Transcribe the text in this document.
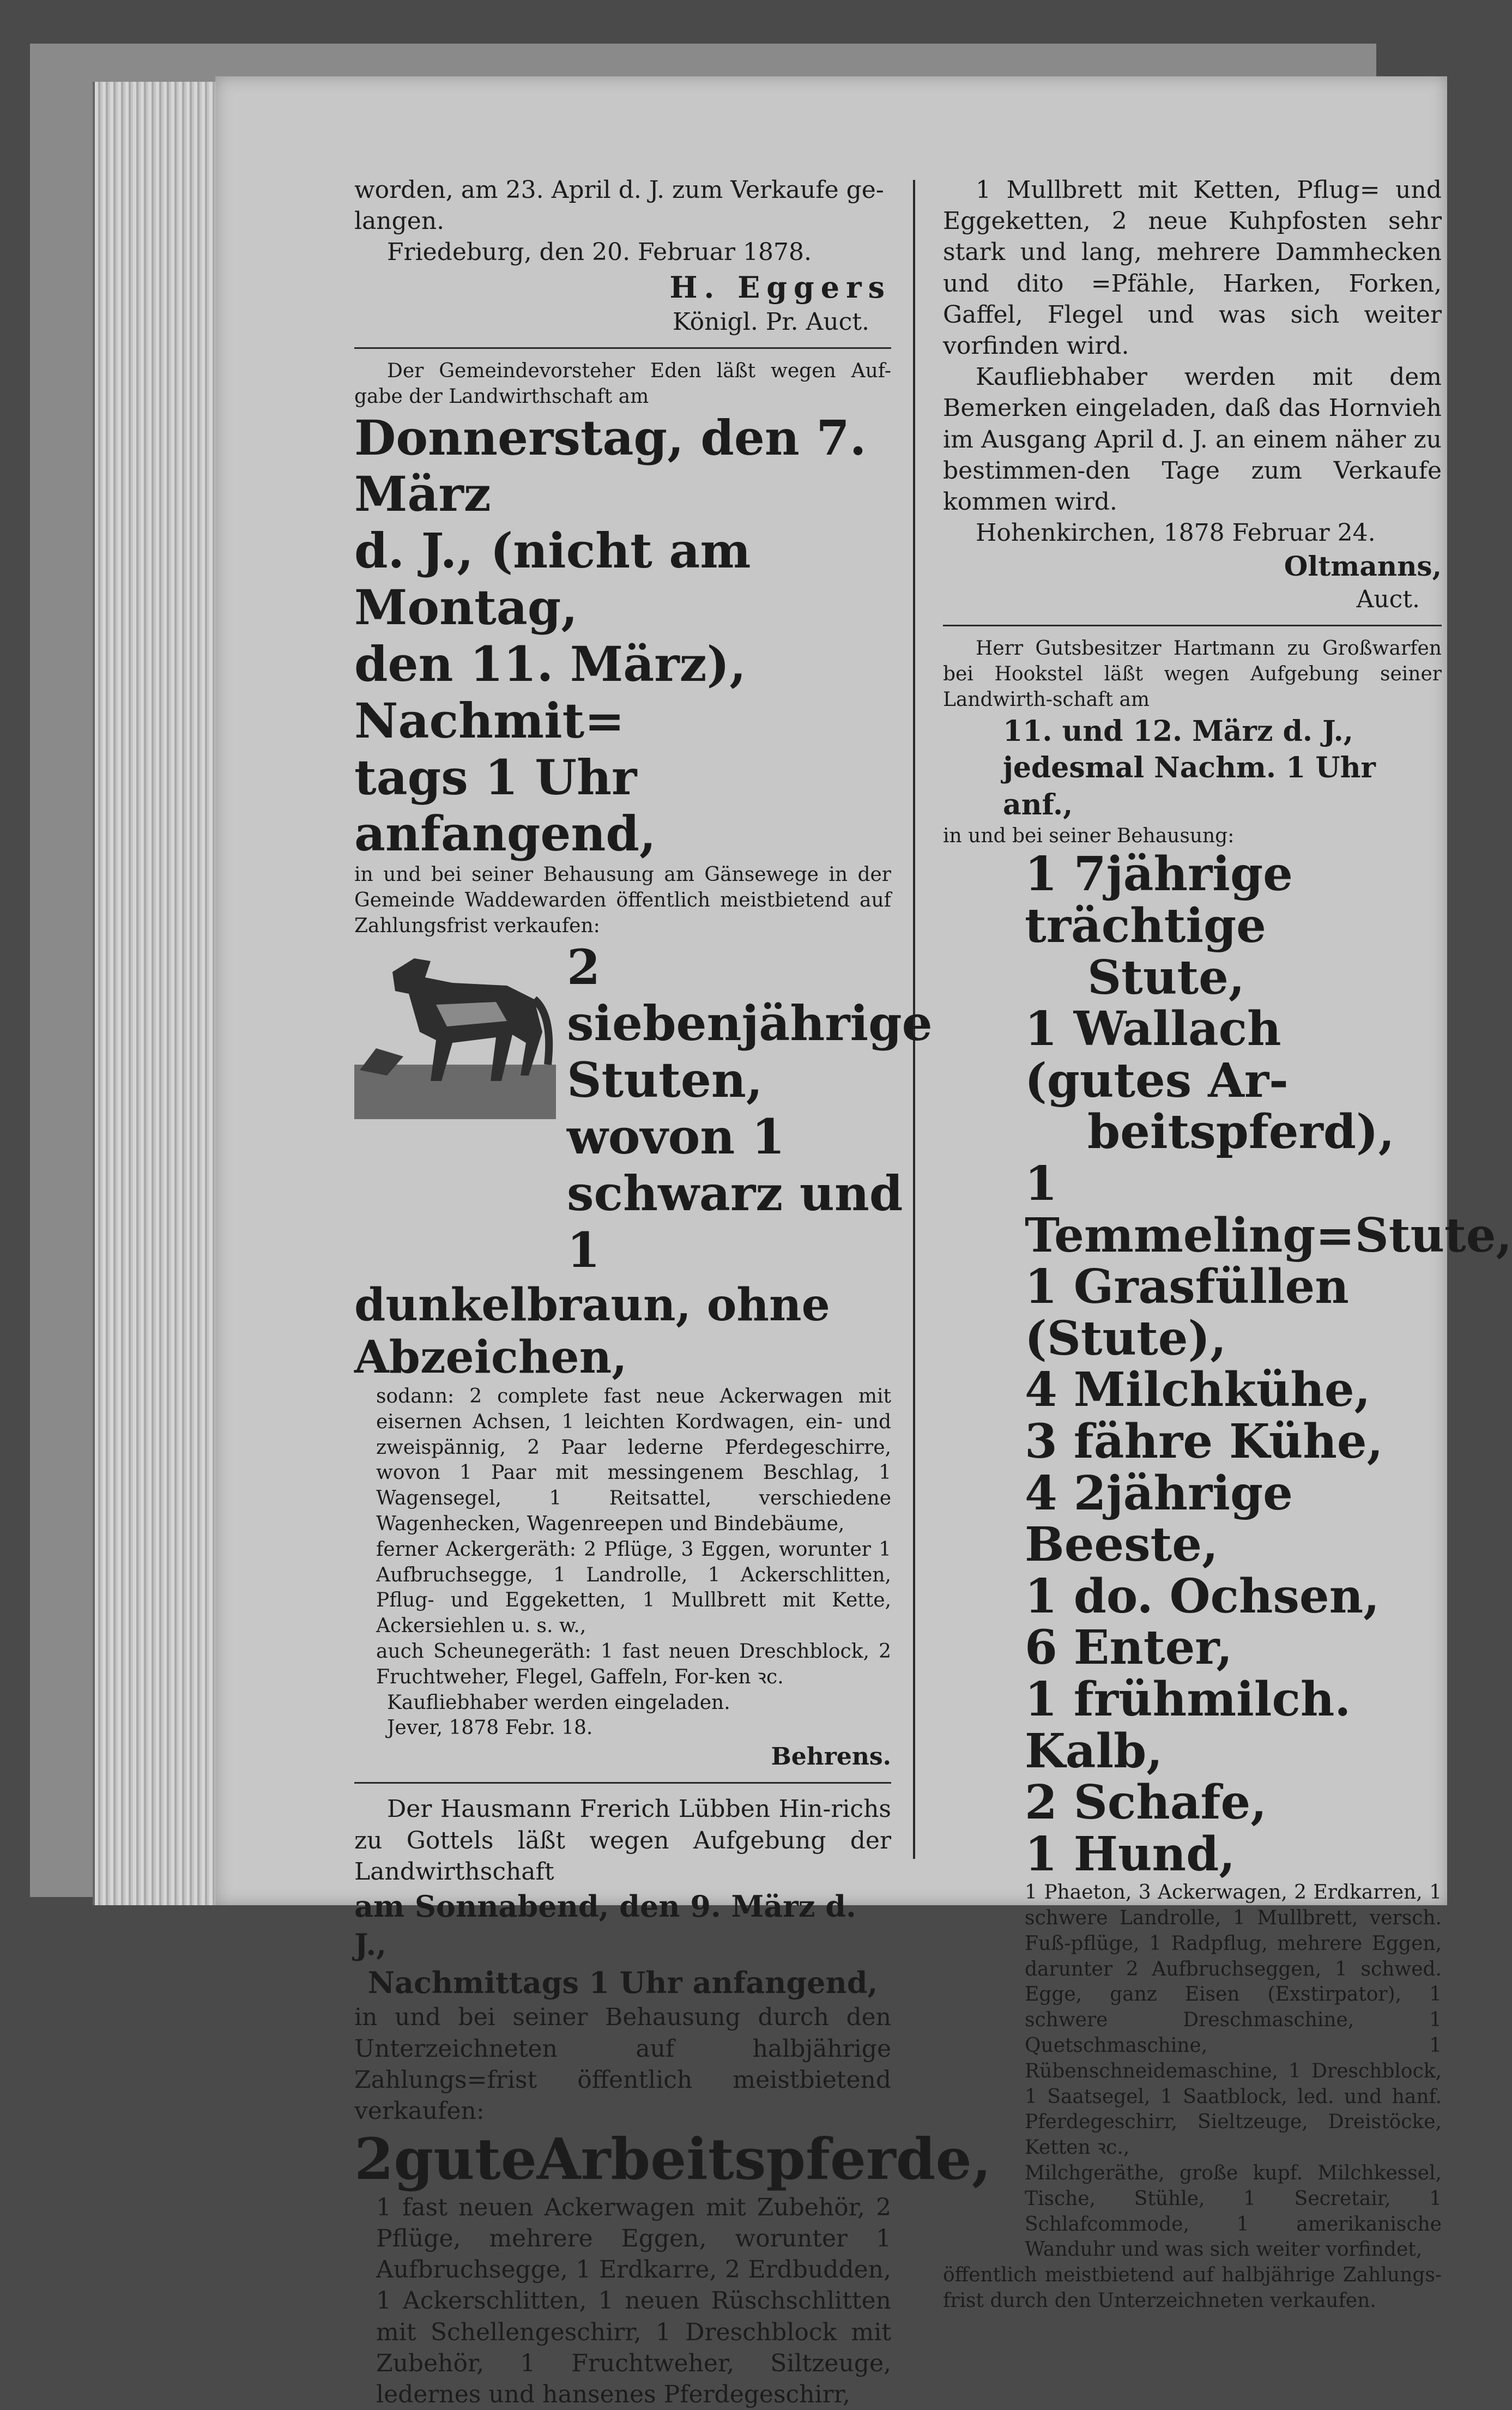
worden, am 23. April d. J. zum Verkaufe ge-

langen.

Friedeburg, den 20. Februar 1878.

H. Eggers

Königl. Pr. Auct.

Der Gemeindevorsteher Eden läßt wegen Auf-gabe der Landwirthschaft am

Donnerstag, den 7. März

d. J., (nicht am Montag,

den 11. März), Nachmit=

tags 1 Uhr anfangend,

in und bei seiner Behausung am Gänsewege in der Gemeinde Waddewarden öffentlich meistbietend auf Zahlungsfrist verkaufen:

2 siebenjährige

Stuten, wovon 1

schwarz und 1

dunkelbraun, ohne Abzeichen,

sodann: 2 complete fast neue Ackerwagen mit eisernen Achsen, 1 leichten Kordwagen, ein- und zweispännig, 2 Paar lederne Pferdegeschirre, wovon 1 Paar mit messingenem Beschlag, 1 Wagensegel, 1 Reitsattel, verschiedene Wagenhecken, Wagenreepen und Bindebäume,

ferner Ackergeräth: 2 Pflüge, 3 Eggen, worunter 1 Aufbruchsegge, 1 Landrolle, 1 Ackerschlitten, Pflug- und Eggeketten, 1 Mullbrett mit Kette, Ackersiehlen u. s. w.,

auch Scheunegeräth: 1 fast neuen Dreschblock, 2 Fruchtweher, Flegel, Gaffeln, For-ken ꝛc.

Kaufliebhaber werden eingeladen.

Jever, 1878 Febr. 18.

Behrens.

Der Hausmann Frerich Lübben Hin-richs zu Gottels läßt wegen Aufgebung der Landwirthschaft

am Sonnabend, den 9. März d. J.,

Nachmittags 1 Uhr anfangend,

in und bei seiner Behausung durch den Unterzeichneten auf halbjährige Zahlungs=frist öffentlich meistbietend verkaufen:

2guteArbeitspferde,

1 fast neuen Ackerwagen mit Zubehör, 2 Pflüge, mehrere Eggen, worunter 1 Aufbruchsegge, 1 Erdkarre, 2 Erdbudden, 1 Ackerschlitten, 1 neuen Rüschschlitten mit Schellengeschirr, 1 Dreschblock mit Zubehör, 1 Fruchtweher, Siltzeuge, ledernes und hansenes Pferdegeschirr,

1 Mullbrett mit Ketten, Pflug= und Eggeketten, 2 neue Kuhpfosten sehr stark und lang, mehrere Dammhecken und dito =Pfähle, Harken, Forken, Gaffel, Flegel und was sich weiter vorfinden wird.

Kaufliebhaber werden mit dem Bemerken eingeladen, daß das Hornvieh im Ausgang April d. J. an einem näher zu bestimmen-den Tage zum Verkaufe kommen wird.

Hohenkirchen, 1878 Februar 24.

Oltmanns,

Auct.

Herr Gutsbesitzer Hartmann zu Großwarfen bei Hookstel läßt wegen Aufgebung seiner Landwirth-schaft am

11. und 12. März d. J.,

jedesmal Nachm. 1 Uhr anf.,

in und bei seiner Behausung:

1 7jährige trächtige

Stute,

1 Wallach (gutes Ar-

beitspferd),

1 Temmeling=Stute,

1 Grasfüllen (Stute),

4 Milchkühe,

3 fähre Kühe,

4 2jährige Beeste,

1 do. Ochsen,

6 Enter,

1 frühmilch. Kalb,

2 Schafe,

1 Hund,

1 Phaeton, 3 Ackerwagen, 2 Erdkarren, 1 schwere Landrolle, 1 Mullbrett, versch. Fuß-pflüge, 1 Radpflug, mehrere Eggen, darunter 2 Aufbruchseggen, 1 schwed. Egge, ganz Eisen (Exstirpator), 1 schwere Dreschmaschine, 1 Quetschmaschine, 1 Rübenschneidemaschine, 1 Dreschblock, 1 Saatsegel, 1 Saatblock, led. und hanf. Pferdegeschirr, Sieltzeuge, Dreistöcke, Ketten ꝛc.,

Milchgeräthe, große kupf. Milchkessel, Tische, Stühle, 1 Secretair, 1 Schlafcommode, 1 amerikanische Wanduhr und was sich weiter vorfindet,

öffentlich meistbietend auf halbjährige Zahlungs-frist durch den Unterzeichneten verkaufen.
